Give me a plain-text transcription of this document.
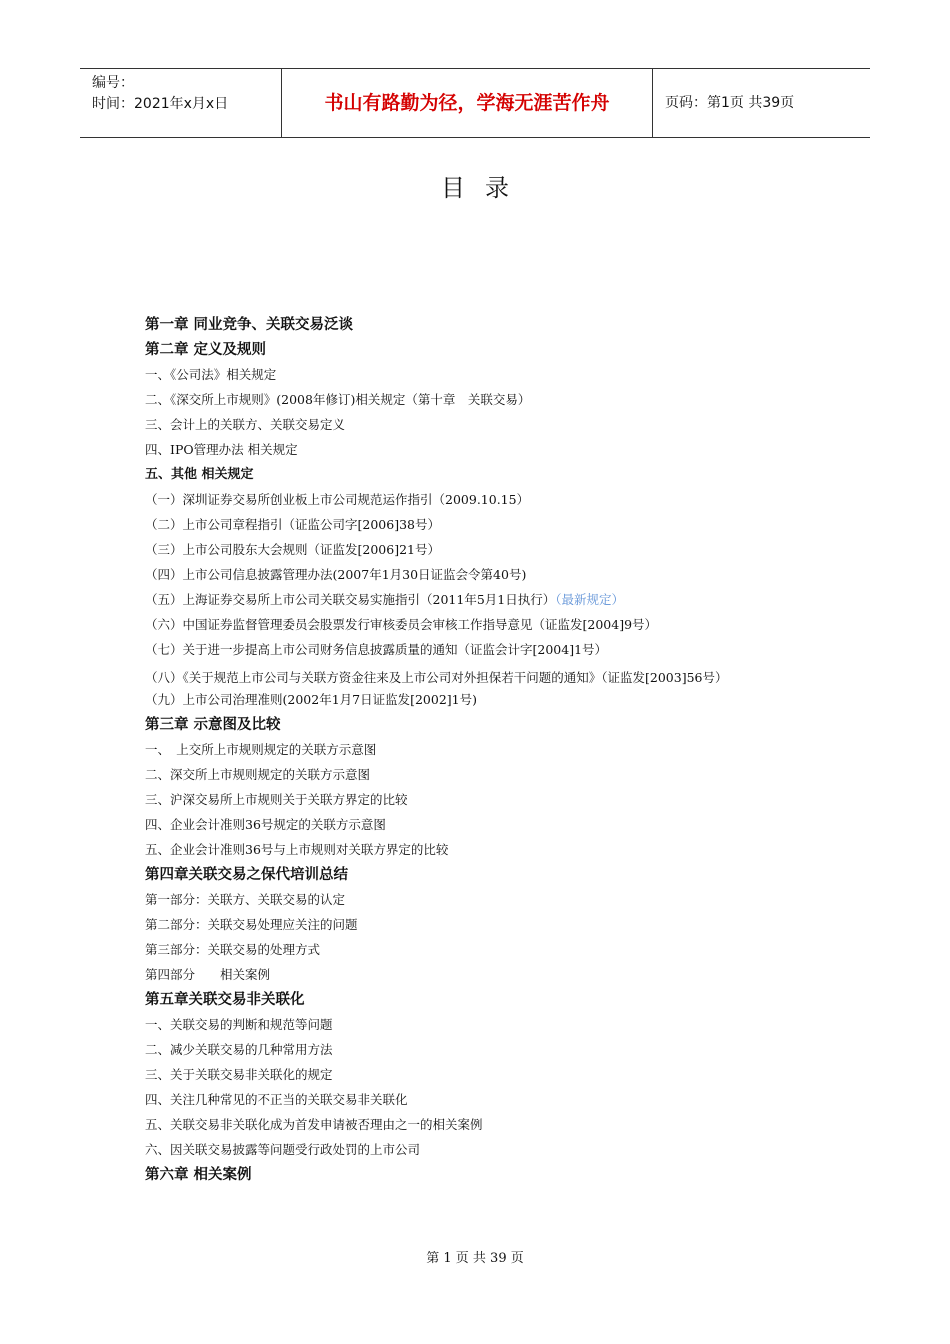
编号：
时间：2021年x月x日	书山有路勤为径，学海无涯苦作舟	页码：第1页 共39页
目录
第一章 同业竞争、关联交易泛谈
第二章 定义及规则
一、《公司法》相关规定
二、《深交所上市规则》(2008年修订)相关规定（第十章　关联交易）
三、会计上的关联方、关联交易定义
四、IPO管理办法 相关规定
五、其他 相关规定
（一）深圳证券交易所创业板上市公司规范运作指引（2009.10.15）
（二）上市公司章程指引（证监公司字[2006]38号）
（三）上市公司股东大会规则（证监发[2006]21号）
（四）上市公司信息披露管理办法(2007年1月30日证监会令第40号)
（五）上海证券交易所上市公司关联交易实施指引（2011年5月1日执行）（最新规定）
（六）中国证券监督管理委员会股票发行审核委员会审核工作指导意见（证监发[2004]9号）
（七）关于进一步提高上市公司财务信息披露质量的通知（证监会计字[2004]1号）
（八）《关于规范上市公司与关联方资金往来及上市公司对外担保若干问题的通知》（证监发[2003]56号）
（九）上市公司治理准则(2002年1月7日证监发[2002]1号)
第三章 示意图及比较
一、　上交所上市规则规定的关联方示意图
二、深交所上市规则规定的关联方示意图
三、沪深交易所上市规则关于关联方界定的比较
四、企业会计准则36号规定的关联方示意图
五、企业会计准则36号与上市规则对关联方界定的比较
第四章关联交易之保代培训总结
第一部分：关联方、关联交易的认定
第二部分：关联交易处理应关注的问题
第三部分：关联交易的处理方式
第四部分　　相关案例
第五章关联交易非关联化
一、关联交易的判断和规范等问题
二、减少关联交易的几种常用方法
三、关于关联交易非关联化的规定
四、关注几种常见的不正当的关联交易非关联化
五、关联交易非关联化成为首发申请被否理由之一的相关案例
六、因关联交易披露等问题受行政处罚的上市公司
第六章 相关案例
第 1 页 共 39 页
